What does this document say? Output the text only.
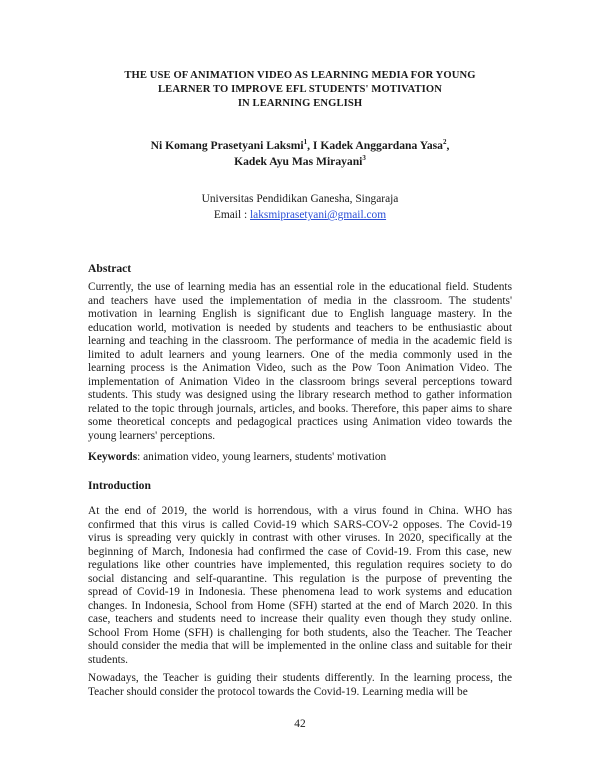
THE USE OF ANIMATION VIDEO AS LEARNING MEDIA FOR YOUNG
LEARNER TO IMPROVE EFL STUDENTS' MOTIVATION
IN LEARNING ENGLISH
Ni Komang Prasetyani Laksmi$^1$, I Kadek Anggardana Yasa$^2$,
Kadek Ayu Mas Mirayani$^3$
Universitas Pendidikan Ganesha, Singaraja
Email : laksmiprasetyani@gmail.com
Abstract
Currently, the use of learning media has an essential role in the educational field. Students
and teachers have used the implementation of media in the classroom. The students'
motivation in learning English is significant due to English language mastery. In the
education world, motivation is needed by students and teachers to be enthusiastic about
learning and teaching in the classroom. The performance of media in the academic field is
limited to adult learners and young learners. One of the media commonly used in the
learning process is the Animation Video, such as the Pow Toon Animation Video. The
implementation of Animation Video in the classroom brings several perceptions toward
students. This study was designed using the library research method to gather information
related to the topic through journals, articles, and books. Therefore, this paper aims to share
some theoretical concepts and pedagogical practices using Animation video towards the
young learners' perceptions.
Keywords: animation video, young learners, students' motivation
Introduction
At the end of 2019, the world is horrendous, with a virus found in China. WHO has
confirmed that this virus is called Covid-19 which SARS-COV-2 opposes. The Covid-19
virus is spreading very quickly in contrast with other viruses. In 2020, specifically at the
beginning of March, Indonesia had confirmed the case of Covid-19. From this case, new
regulations like other countries have implemented, this regulation requires society to do
social distancing and self-quarantine. This regulation is the purpose of preventing the
spread of Covid-19 in Indonesia. These phenomena lead to work systems and education
changes. In Indonesia, School from Home (SFH) started at the end of March 2020. In this
case, teachers and students need to increase their quality even though they study online.
School From Home (SFH) is challenging for both students, also the Teacher. The Teacher
should consider the media that will be implemented in the online class and suitable for their
students.
Nowadays, the Teacher is guiding their students differently. In the learning process, the
Teacher should consider the protocol towards the Covid-19. Learning media will be
42
